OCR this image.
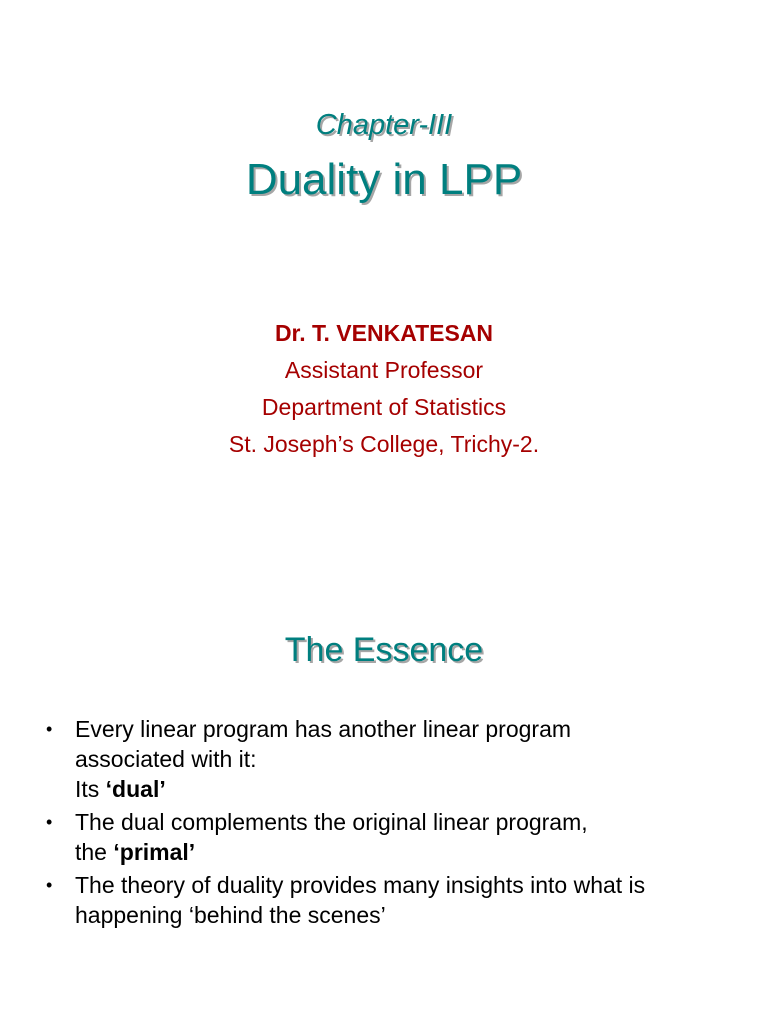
Chapter-III
Duality in LPP
Dr. T. VENKATESAN
Assistant Professor
Department of Statistics
St. Joseph’s College, Trichy-2.
The Essence
• Every linear program has another linear program
associated with it:
Its ‘dual’
• The dual complements the original linear program,
the ‘primal’
• The theory of duality provides many insights into what is
happening ‘behind the scenes’
